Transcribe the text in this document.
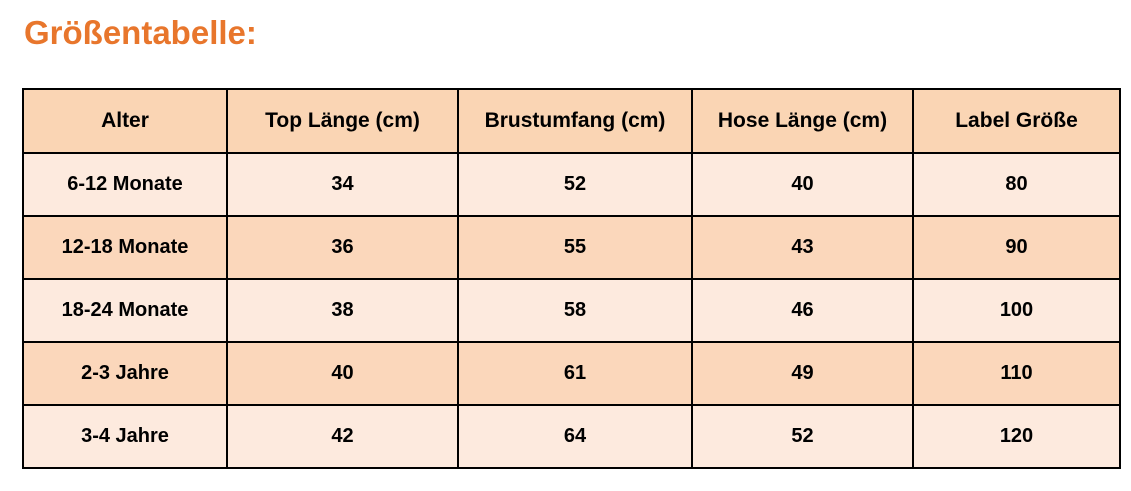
Größentabelle:
Alter	Top Länge (cm)	Brustumfang (cm)	Hose Länge (cm)	Label Größe
6-12 Monate	34	52	40	80
12-18 Monate	36	55	43	90
18-24 Monate	38	58	46	100
2-3 Jahre	40	61	49	110
3-4 Jahre	42	64	52	120
